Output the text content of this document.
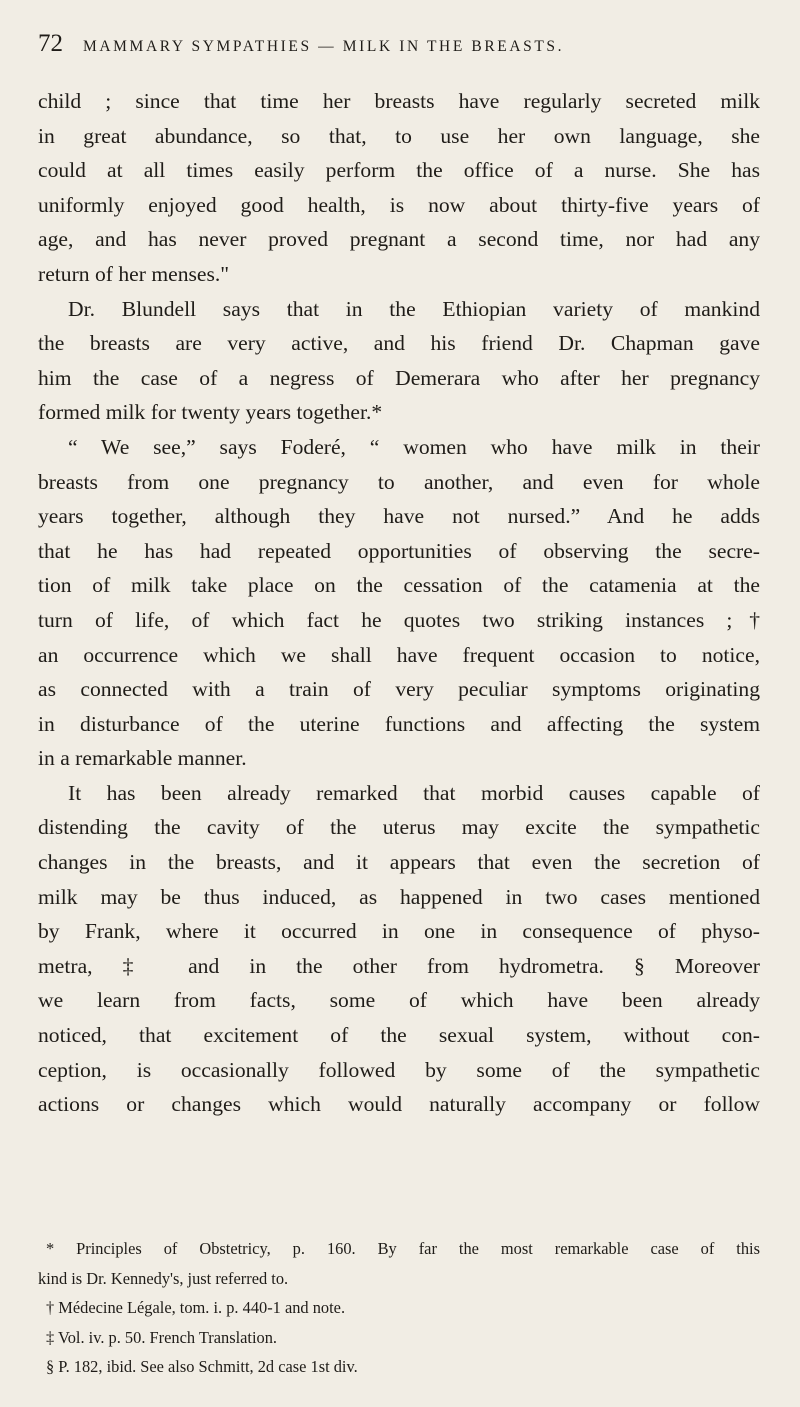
72 MAMMARY SYMPATHIES — MILK IN THE BREASTS.

child ; since that time her breasts have regularly secreted milk

in great abundance, so that, to use her own language, she

could at all times easily perform the office of a nurse. She has

uniformly enjoyed good health, is now about thirty-five years of

age, and has never proved pregnant a second time, nor had any

return of her menses."

Dr. Blundell says that in the Ethiopian variety of mankind

the breasts are very active, and his friend Dr. Chapman gave

him the case of a negress of Demerara who after her pregnancy

formed milk for twenty years together.*

“ We see,” says Foderé, “ women who have milk in their

breasts from one pregnancy to another, and even for whole

years together, although they have not nursed.” And he adds

that he has had repeated opportunities of observing the secre-

tion of milk take place on the cessation of the catamenia at the

turn of life, of which fact he quotes two striking instances ;†

an occurrence which we shall have frequent occasion to notice,

as connected with a train of very peculiar symptoms originating

in disturbance of the uterine functions and affecting the system

in a remarkable manner.

It has been already remarked that morbid causes capable of

distending the cavity of the uterus may excite the sympathetic

changes in the breasts, and it appears that even the secretion of

milk may be thus induced, as happened in two cases mentioned

by Frank, where it occurred in one in consequence of physo-

metra, ‡ and in the other from hydrometra. § Moreover

we learn from facts, some of which have been already

noticed, that excitement of the sexual system, without con-

ception, is occasionally followed by some of the sympathetic

actions or changes which would naturally accompany or follow

* Principles of Obstetricy, p. 160. By far the most remarkable case of this

kind is Dr. Kennedy's, just referred to.

† Médecine Légale, tom. i. p. 440-1 and note.

‡ Vol. iv. p. 50. French Translation.

§ P. 182, ibid. See also Schmitt, 2d case 1st div.
